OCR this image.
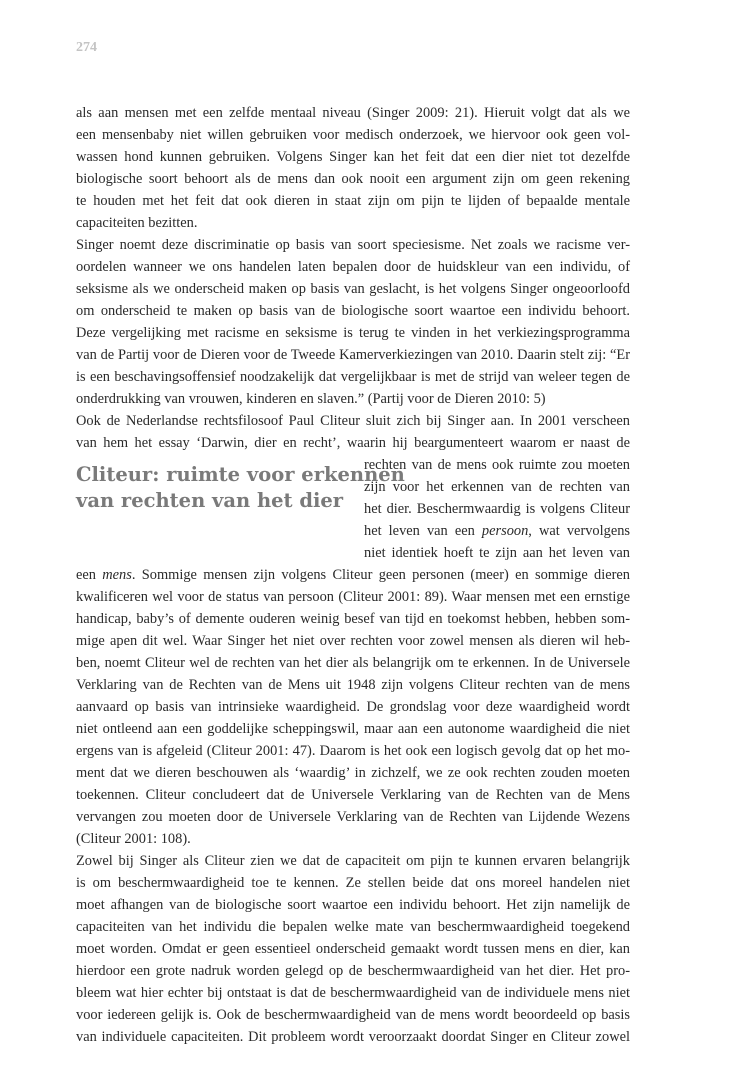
274
als aan mensen met een zelfde mentaal niveau (Singer 2009: 21). Hieruit volgt dat als we
een mensenbaby niet willen gebruiken voor medisch onderzoek, we hiervoor ook geen vol-
wassen hond kunnen gebruiken. Volgens Singer kan het feit dat een dier niet tot dezelfde
biologische soort behoort als de mens dan ook nooit een argument zijn om geen rekening
te houden met het feit dat ook dieren in staat zijn om pijn te lijden of bepaalde mentale
capaciteiten bezitten.
Singer noemt deze discriminatie op basis van soort speciesisme. Net zoals we racisme ver-
oordelen wanneer we ons handelen laten bepalen door de huidskleur van een individu, of
seksisme als we onderscheid maken op basis van geslacht, is het volgens Singer ongeoorloofd
om onderscheid te maken op basis van de biologische soort waartoe een individu behoort.
Deze vergelijking met racisme en seksisme is terug te vinden in het verkiezingsprogramma
van de Partij voor de Dieren voor de Tweede Kamerverkiezingen van 2010. Daarin stelt zij: “Er
is een beschavingsoffensief noodzakelijk dat vergelijkbaar is met de strijd van weleer tegen de
onderdrukking van vrouwen, kinderen en slaven.” (Partij voor de Dieren 2010: 5)
Ook de Nederlandse rechtsfilosoof Paul Cliteur sluit zich bij Singer aan. In 2001 verscheen
van hem het essay ‘Darwin, dier en recht’, waarin hij beargumenteert waarom er naast de
rechten van de mens ook ruimte zou moeten
zijn voor het erkennen van de rechten van
het dier. Beschermwaardig is volgens Cliteur
het leven van een persoon, wat vervolgens
niet identiek hoeft te zijn aan het leven van
een mens. Sommige mensen zijn volgens Cliteur geen personen (meer) en sommige dieren
kwalificeren wel voor de status van persoon (Cliteur 2001: 89). Waar mensen met een ernstige
handicap, baby’s of demente ouderen weinig besef van tijd en toekomst hebben, hebben som-
mige apen dit wel. Waar Singer het niet over rechten voor zowel mensen als dieren wil heb-
ben, noemt Cliteur wel de rechten van het dier als belangrijk om te erkennen. In de Universele
Verklaring van de Rechten van de Mens uit 1948 zijn volgens Cliteur rechten van de mens
aanvaard op basis van intrinsieke waardigheid. De grondslag voor deze waardigheid wordt
niet ontleend aan een goddelijke scheppingswil, maar aan een autonome waardigheid die niet
ergens van is afgeleid (Cliteur 2001: 47). Daarom is het ook een logisch gevolg dat op het mo-
ment dat we dieren beschouwen als ‘waardig’ in zichzelf, we ze ook rechten zouden moeten
toekennen. Cliteur concludeert dat de Universele Verklaring van de Rechten van de Mens
vervangen zou moeten door de Universele Verklaring van de Rechten van Lijdende Wezens
(Cliteur 2001: 108).
Zowel bij Singer als Cliteur zien we dat de capaciteit om pijn te kunnen ervaren belangrijk
is om beschermwaardigheid toe te kennen. Ze stellen beide dat ons moreel handelen niet
moet afhangen van de biologische soort waartoe een individu behoort. Het zijn namelijk de
capaciteiten van het individu die bepalen welke mate van beschermwaardigheid toegekend
moet worden. Omdat er geen essentieel onderscheid gemaakt wordt tussen mens en dier, kan
hierdoor een grote nadruk worden gelegd op de beschermwaardigheid van het dier. Het pro-
bleem wat hier echter bij ontstaat is dat de beschermwaardigheid van de individuele mens niet
voor iedereen gelijk is. Ook de beschermwaardigheid van de mens wordt beoordeeld op basis
van individuele capaciteiten. Dit probleem wordt veroorzaakt doordat Singer en Cliteur zowel
Cliteur: ruimte voor erkennen
van rechten van het dier
